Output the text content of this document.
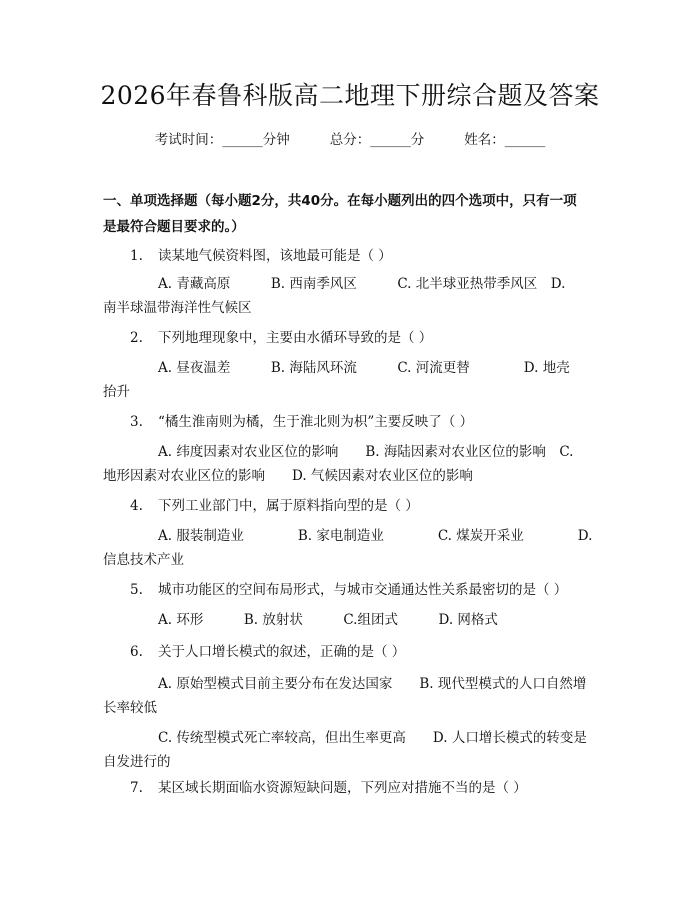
2026年春鲁科版高二地理下册综合题及答案
考试时间：______分钟	总分：______分	姓名：______
一、单项选择题（每小题2分，共40分。在每小题列出的四个选项中，只有一项
是最符合题目要求的。）
1. 读某地气候资料图，该地最可能是（ ）
A. 青藏高原　　　B. 西南季风区　　　C. 北半球亚热带季风区　D.
南半球温带海洋性气候区
2. 下列地理现象中，主要由水循环导致的是（ ）
A. 昼夜温差　　　B. 海陆风环流　　　C. 河流更替　　　　D. 地壳
抬升
3. “橘生淮南则为橘，生于淮北则为枳”主要反映了（ ）
A. 纬度因素对农业区位的影响　　B. 海陆因素对农业区位的影响　C.
地形因素对农业区位的影响　　D. 气候因素对农业区位的影响
4. 下列工业部门中，属于原料指向型的是（ ）
A. 服装制造业　　　　B. 家电制造业　　　　C. 煤炭开采业　　　　D.
信息技术产业
5. 城市功能区的空间布局形式，与城市交通通达性关系最密切的是（ ）
A. 环形　　　B. 放射状　　　C.组团式　　　D. 网格式
6. 关于人口增长模式的叙述，正确的是（ ）
A. 原始型模式目前主要分布在发达国家　　B. 现代型模式的人口自然增
长率较低
C. 传统型模式死亡率较高，但出生率更高　　D. 人口增长模式的转变是
自发进行的
7. 某区域长期面临水资源短缺问题，下列应对措施不当的是（ ）
